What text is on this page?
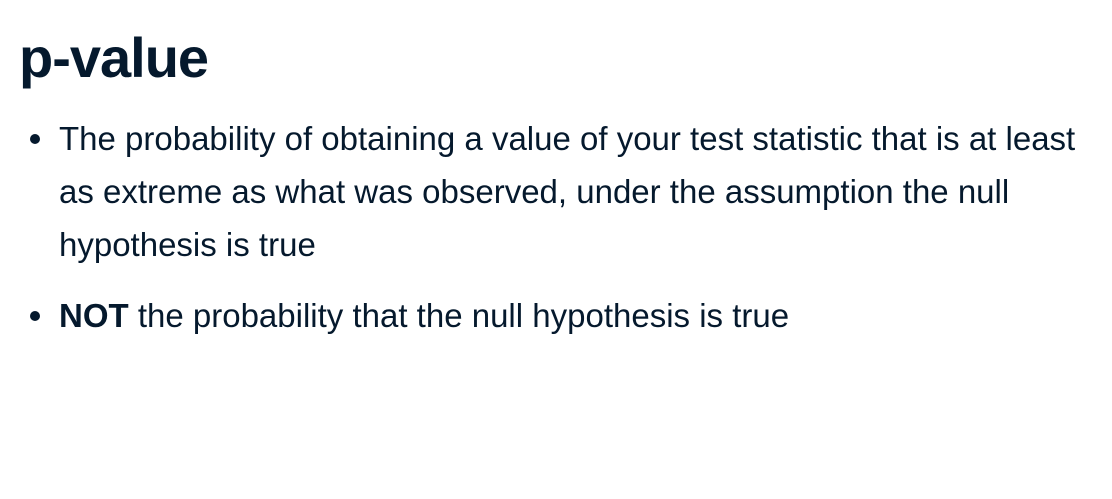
p-value
The probability of obtaining a value of your test statistic that is at least as extreme as what was observed, under the assumption the null hypothesis is true
NOT the probability that the null hypothesis is true
